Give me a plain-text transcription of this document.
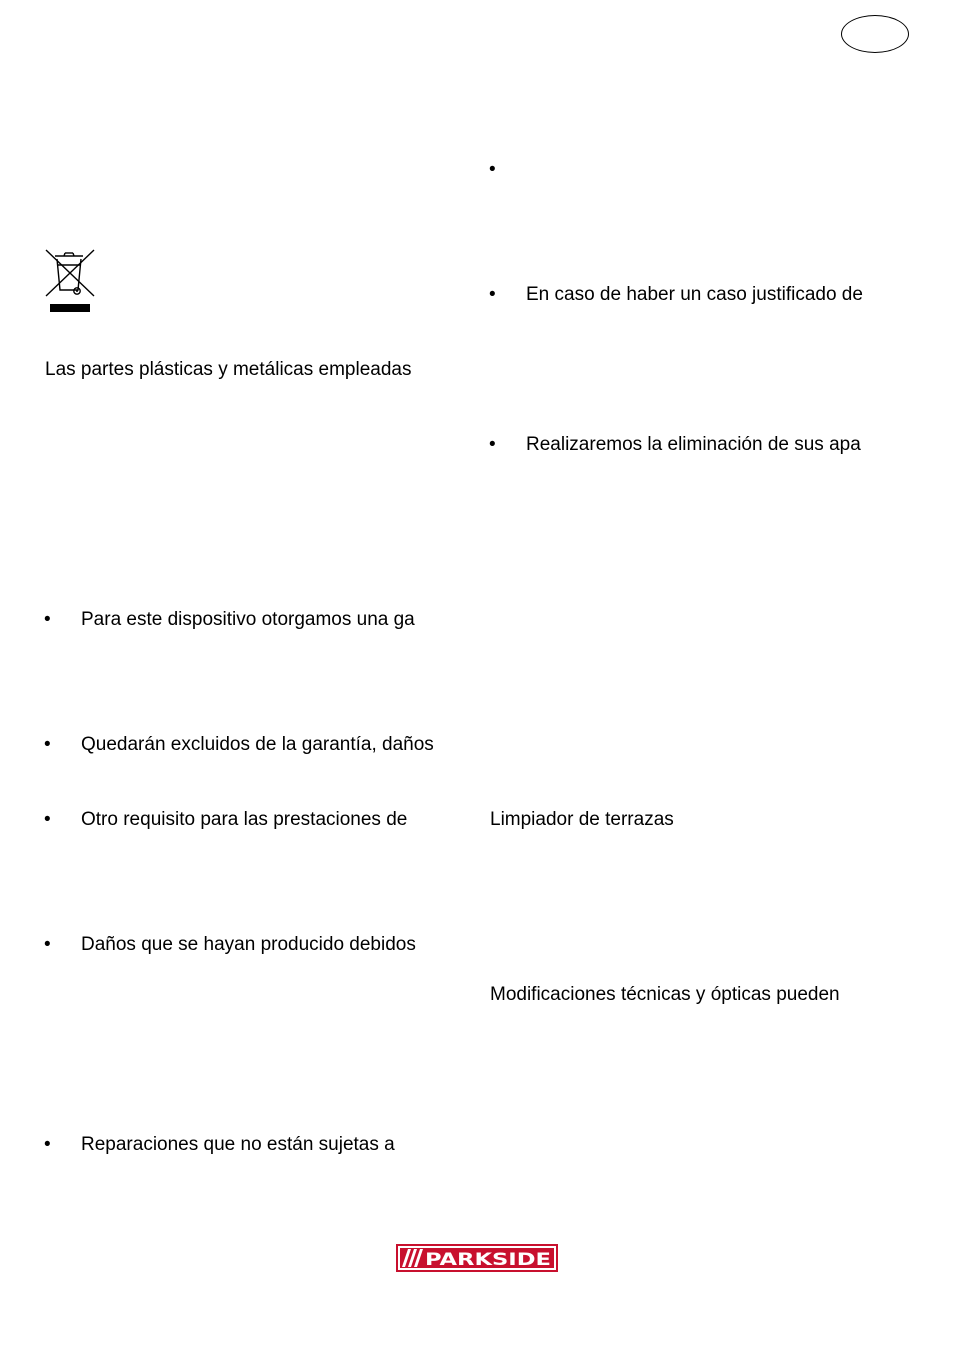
Las partes plásticas y metálicas empleadas
• Para este dispositivo otorgamos una ga
• Quedarán excluidos de la garantía, daños
• Otro requisito para las prestaciones de
• Daños que se hayan producido debidos
• Reparaciones que no están sujetas a
•
• En caso de haber un caso justificado de
• Realizaremos la eliminación de sus apa
Limpiador de terrazas
Modificaciones técnicas y ópticas pueden
PARKSIDE
